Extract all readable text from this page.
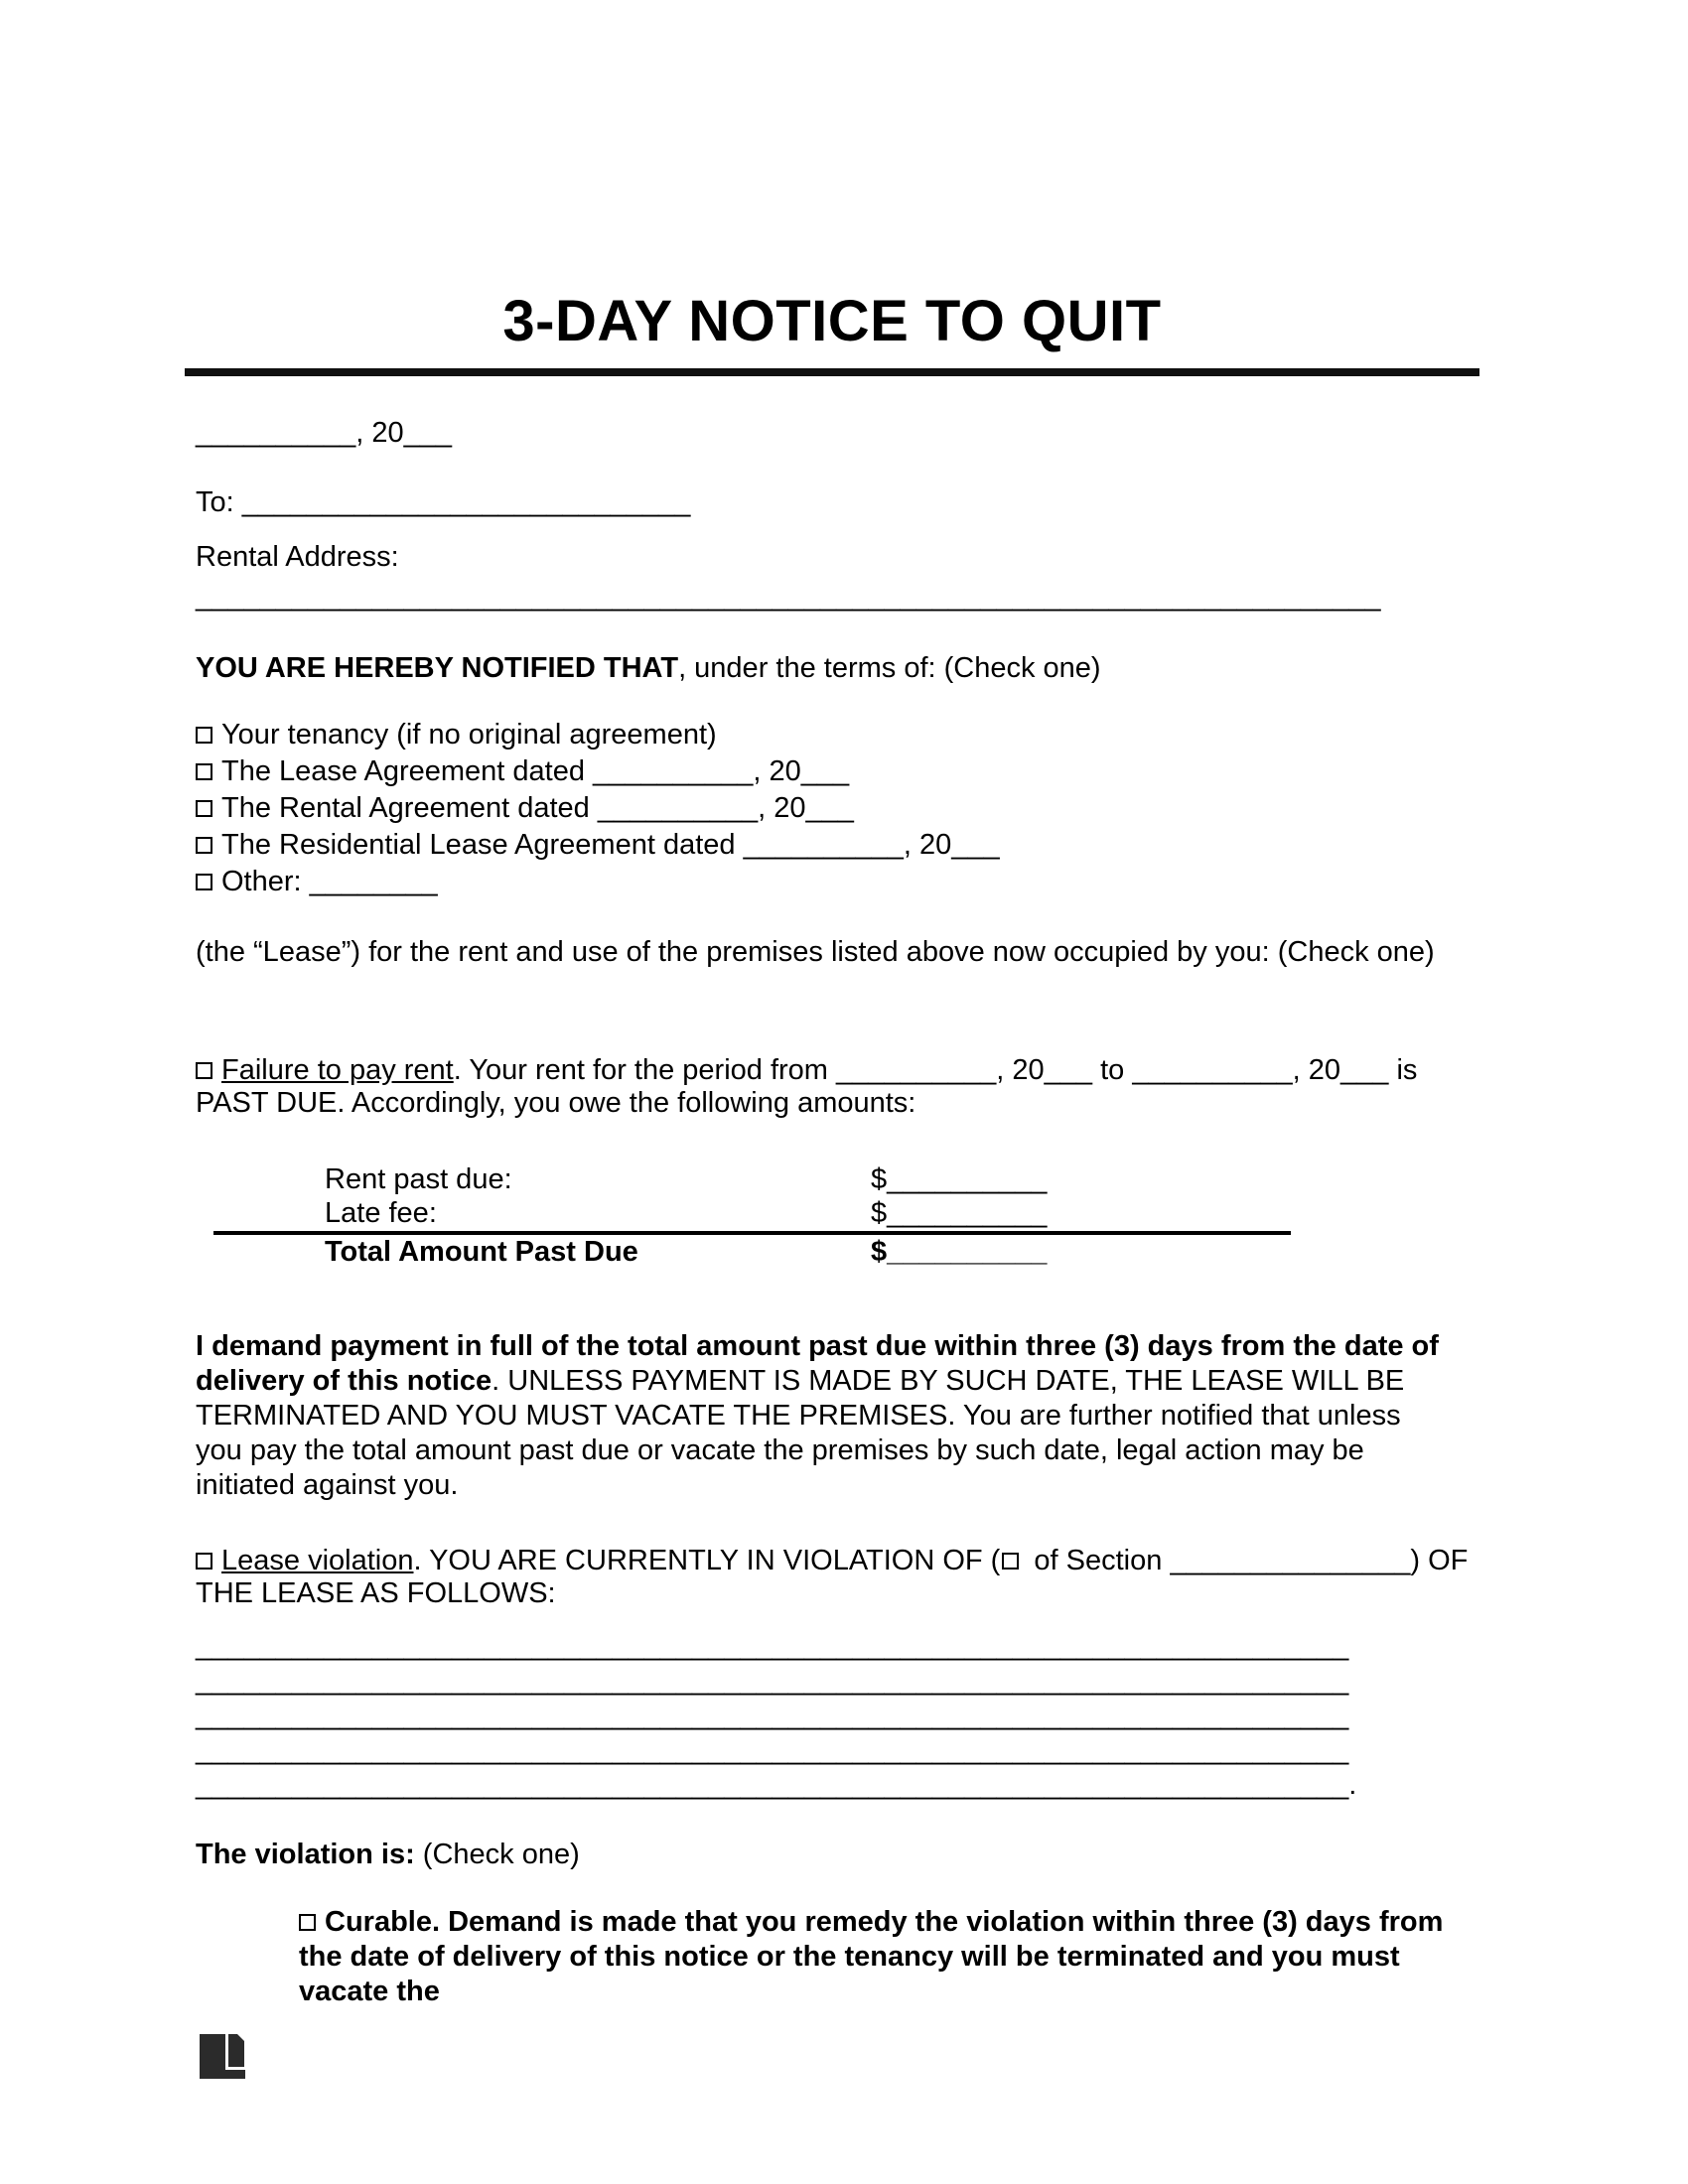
3-DAY NOTICE TO QUIT
__________, 20___
To: ____________________________
Rental Address:
__________________________________________________________________________
YOU ARE HEREBY NOTIFIED THAT, under the terms of: (Check one)
Your tenancy (if no original agreement)
The Lease Agreement dated __________, 20___
The Rental Agreement dated __________, 20___
The Residential Lease Agreement dated __________, 20___
Other: ________
(the “Lease”) for the rent and use of the premises listed above now occupied by you: (Check one)
Failure to pay rent. Your rent for the period from __________, 20___ to __________, 20___ is PAST DUE. Accordingly, you owe the following amounts:
Rent past due:	$__________
Late fee:	$__________
Total Amount Past Due	$__________
I demand payment in full of the total amount past due within three (3) days from the date of delivery of this notice. UNLESS PAYMENT IS MADE BY SUCH DATE, THE LEASE WILL BE TERMINATED AND YOU MUST VACATE THE PREMISES. You are further notified that unless you pay the total amount past due or vacate the premises by such date, legal action may be initiated against you.
Lease violation. YOU ARE CURRENTLY IN VIOLATION OF ( of Section _______________) OF THE LEASE AS FOLLOWS:
________________________________________________________________________
________________________________________________________________________
________________________________________________________________________
________________________________________________________________________
________________________________________________________________________.
The violation is: (Check one)
Curable. Demand is made that you remedy the violation within three (3) days from the date of delivery of this notice or the tenancy will be terminated and you must vacate the
